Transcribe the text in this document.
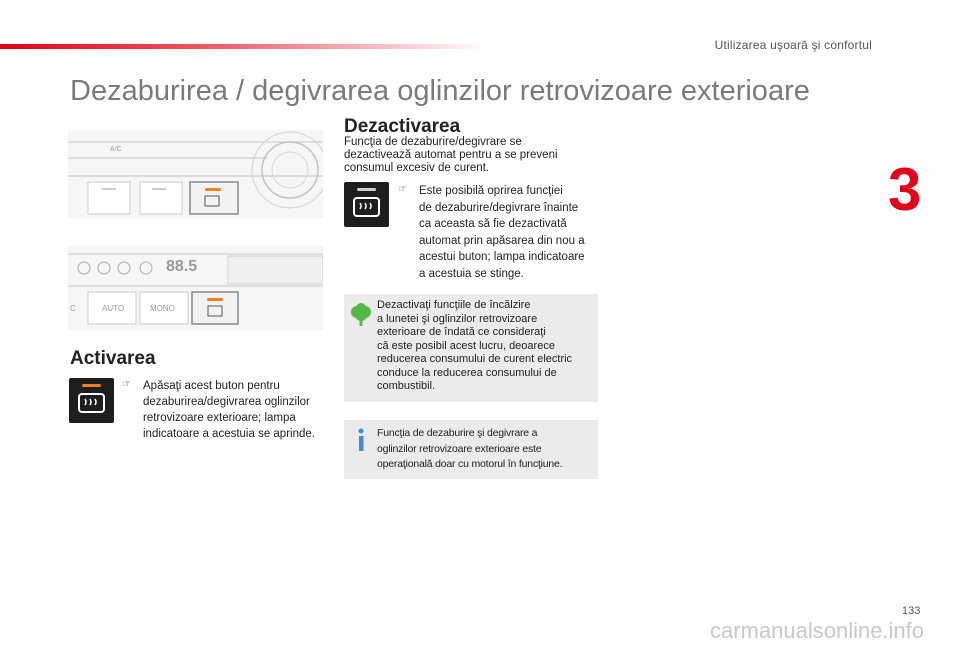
Utilizarea uşoară şi confortul
3
Dezaburirea / degivrarea oglinzilor retrovizoare exterioare
A/C
88.5
C	AUTO	MONO
Activarea
☞ Apăsaţi acest buton pentru
dezaburirea/degivrarea oglinzilor
retrovizoare exterioare; lampa
indicatoare a acestuia se aprinde.
Dezactivarea
Funcţia de dezaburire/degivrare se
dezactivează automat pentru a se preveni
consumul excesiv de curent.
☞ Este posibilă oprirea funcţiei
de dezaburire/degivrare înainte
ca aceasta să fie dezactivată
automat prin apăsarea din nou a
acestui buton; lampa indicatoare
a acestuia se stinge.
Dezactivaţi funcţiile de încălzire
a lunetei şi oglinzilor retrovizoare
exterioare de îndată ce consideraţi
că este posibil acest lucru, deoarece
reducerea consumului de curent electric
conduce la reducerea consumului de
combustibil.
Funcţia de dezaburire şi degivrare a
oglinzilor retrovizoare exterioare este
operaţională doar cu motorul în funcţiune.
133
carmanualsonline.info
